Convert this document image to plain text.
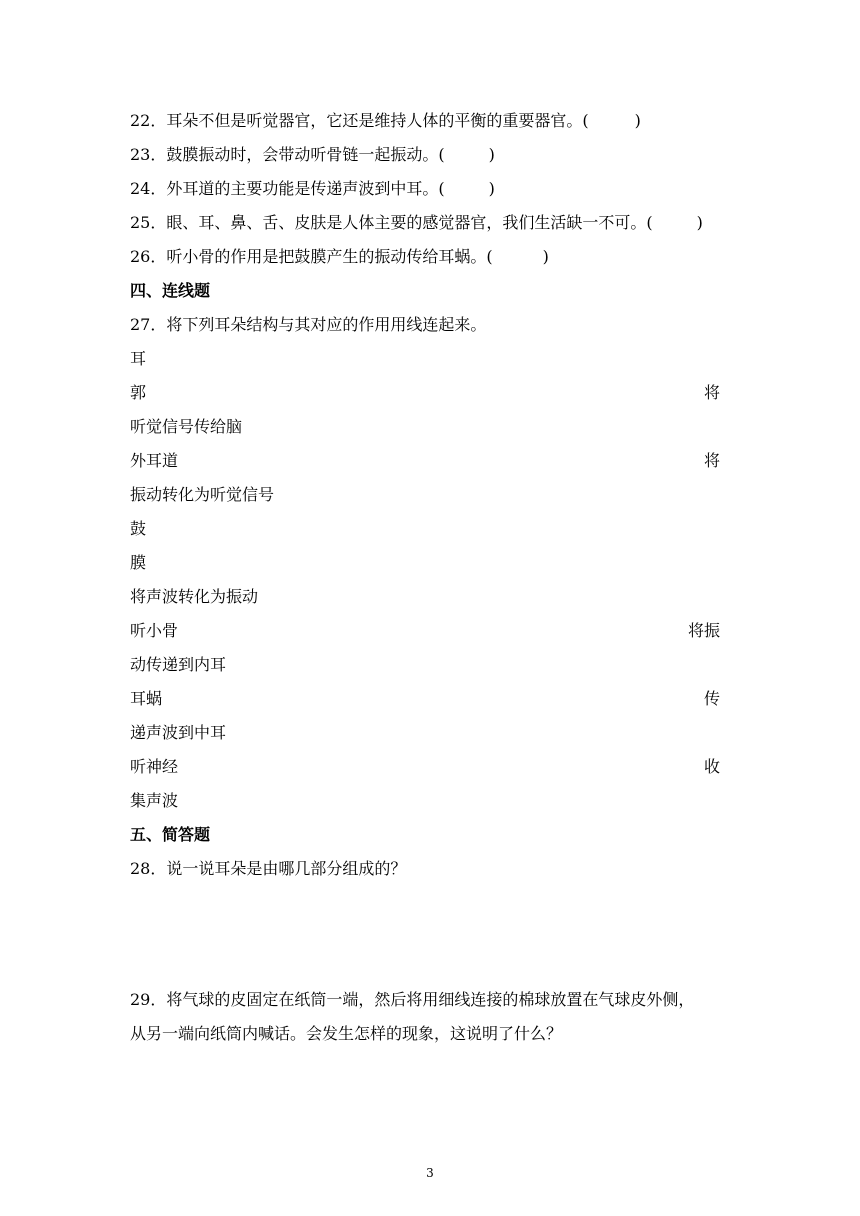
22．耳朵不但是听觉器官，它还是维持人体的平衡的重要器官。(	)
23．鼓膜振动时，会带动听骨链一起振动。(	)
24．外耳道的主要功能是传递声波到中耳。(	)
25．眼、耳、鼻、舌、皮肤是人体主要的感觉器官，我们生活缺一不可。(	)
26．听小骨的作用是把鼓膜产生的振动传给耳蜗。(	)
四、连线题
27．将下列耳朵结构与其对应的作用用线连起来。
耳
郭	将
听觉信号传给脑
外耳道	将
振动转化为听觉信号
鼓
膜
将声波转化为振动
听小骨	将振
动传递到内耳
耳蜗	传
递声波到中耳
听神经	收
集声波
五、简答题
28．说一说耳朵是由哪几部分组成的？
29．将气球的皮固定在纸筒一端，然后将用细线连接的棉球放置在气球皮外侧，
从另一端向纸筒内喊话。会发生怎样的现象，这说明了什么？
3
